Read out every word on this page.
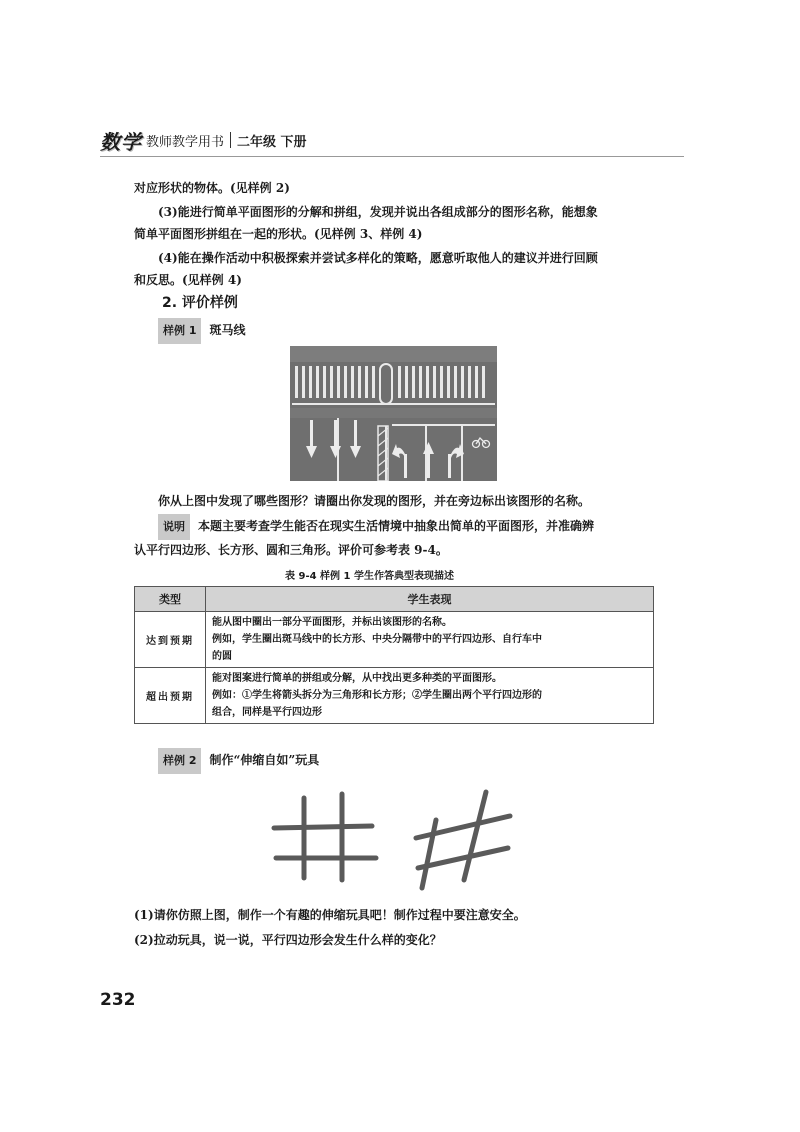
数学 教师教学用书 二年级 下册
对应形状的物体。(见样例 2)
(3)能进行简单平面图形的分解和拼组，发现并说出各组成部分的图形名称，能想象
简单平面图形拼组在一起的形状。(见样例 3、样例 4)
(4)能在操作活动中积极探索并尝试多样化的策略，愿意听取他人的建议并进行回顾
和反思。(见样例 4)
2. 评价样例
样例 1 斑马线
你从上图中发现了哪些图形？请圈出你发现的图形，并在旁边标出该图形的名称。
说明 本题主要考查学生能否在现实生活情境中抽象出简单的平面图形，并准确辨
认平行四边形、长方形、圆和三角形。评价可参考表 9-4。
表 9-4 样例 1 学生作答典型表现描述
类型	学生表现
达到预期	能从图中圈出一部分平面图形，并标出该图形的名称。
例如，学生圈出斑马线中的长方形、中央分隔带中的平行四边形、自行车中
的圆

超出预期	能对图案进行简单的拼组或分解，从中找出更多种类的平面图形。
例如：①学生将箭头拆分为三角形和长方形；②学生圈出两个平行四边形的
组合，同样是平行四边形
样例 2 制作“伸缩自如”玩具
(1)请你仿照上图，制作一个有趣的伸缩玩具吧！制作过程中要注意安全。
(2)拉动玩具，说一说，平行四边形会发生什么样的变化？
232
